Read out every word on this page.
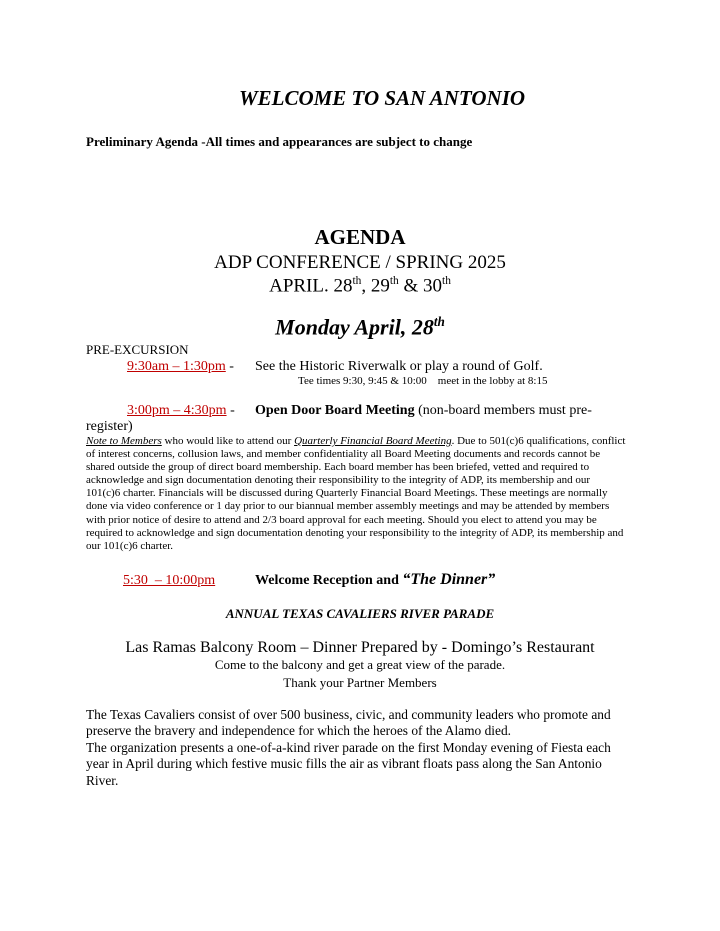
WELCOME TO SAN ANTONIO
Preliminary Agenda -All times and appearances are subject to change
AGENDA
ADP CONFERENCE / SPRING 2025
APRIL. 28th, 29th & 30th
Monday April, 28th
PRE-EXCURSION
9:30am – 1:30pm - See the Historic Riverwalk or play a round of Golf.
Tee times 9:30, 9:45 & 10:00    meet in the lobby at 8:15
3:00pm – 4:30pm - Open Door Board Meeting (non-board members must pre-
register)
Note to Members who would like to attend our Quarterly Financial Board Meeting. Due to 501(c)6 qualifications, conflict of interest concerns, collusion laws, and member confidentiality all Board Meeting documents and records cannot be shared outside the group of direct board membership. Each board member has been briefed, vetted and required to acknowledge and sign documentation denoting their responsibility to the integrity of ADP, its membership and our 101(c)6 charter. Financials will be discussed during Quarterly Financial Board Meetings. These meetings are normally done via video conference or 1 day prior to our biannual member assembly meetings and may be attended by members with prior notice of desire to attend and 2/3 board approval for each meeting. Should you elect to attend you may be required to acknowledge and sign documentation denoting your responsibility to the integrity of ADP, its membership and our 101(c)6 charter.
5:30  – 10:00pm	Welcome Reception and “The Dinner”
ANNUAL TEXAS CAVALIERS RIVER PARADE
Las Ramas Balcony Room – Dinner Prepared by - Domingo’s Restaurant
Come to the balcony and get a great view of the parade.
Thank your Partner Members
The Texas Cavaliers consist of over 500 business, civic, and community leaders who promote and preserve the bravery and independence for which the heroes of the Alamo died.
The organization presents a one-of-a-kind river parade on the first Monday evening of Fiesta each year in April during which festive music fills the air as vibrant floats pass along the San Antonio River.
